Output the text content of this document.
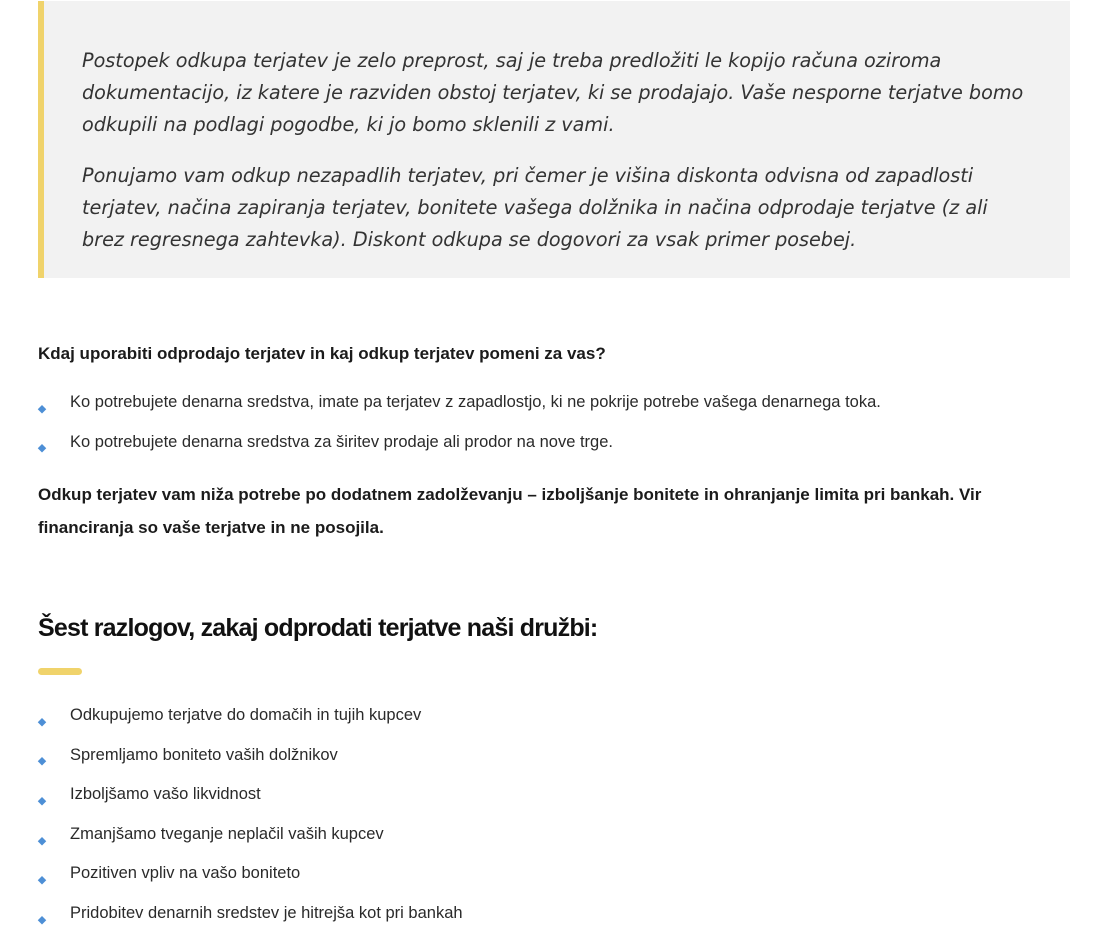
Postopek odkupa terjatev je zelo preprost, saj je treba predložiti le kopijo računa oziroma dokumentacijo, iz katere je razviden obstoj terjatev, ki se prodajajo. Vaše nesporne terjatve bomo odkupili na podlagi pogodbe, ki jo bomo sklenili z vami.

Ponujamo vam odkup nezapadlih terjatev, pri čemer je višina diskonta odvisna od zapadlosti terjatev, načina zapiranja terjatev, bonitete vašega dolžnika in načina odprodaje terjatve (z ali brez regresnega zahtevka). Diskont odkupa se dogovori za vsak primer posebej.

Kdaj uporabiti odprodajo terjatev in kaj odkup terjatev pomeni za vas?
Ko potrebujete denarna sredstva, imate pa terjatev z zapadlostjo, ki ne pokrije potrebe vašega denarnega toka.
Ko potrebujete denarna sredstva za širitev prodaje ali prodor na nove trge.

Odkup terjatev vam niža potrebe po dodatnem zadolževanju – izboljšanje bonitete in ohranjanje limita pri bankah. Vir financiranja so vaše terjatve in ne posojila.

Šest razlogov, zakaj odprodati terjatve naši družbi:
Odkupujemo terjatve do domačih in tujih kupcev
Spremljamo boniteto vaših dolžnikov
Izboljšamo vašo likvidnost
Zmanjšamo tveganje neplačil vaših kupcev
Pozitiven vpliv na vašo boniteto
Pridobitev denarnih sredstev je hitrejša kot pri bankah
